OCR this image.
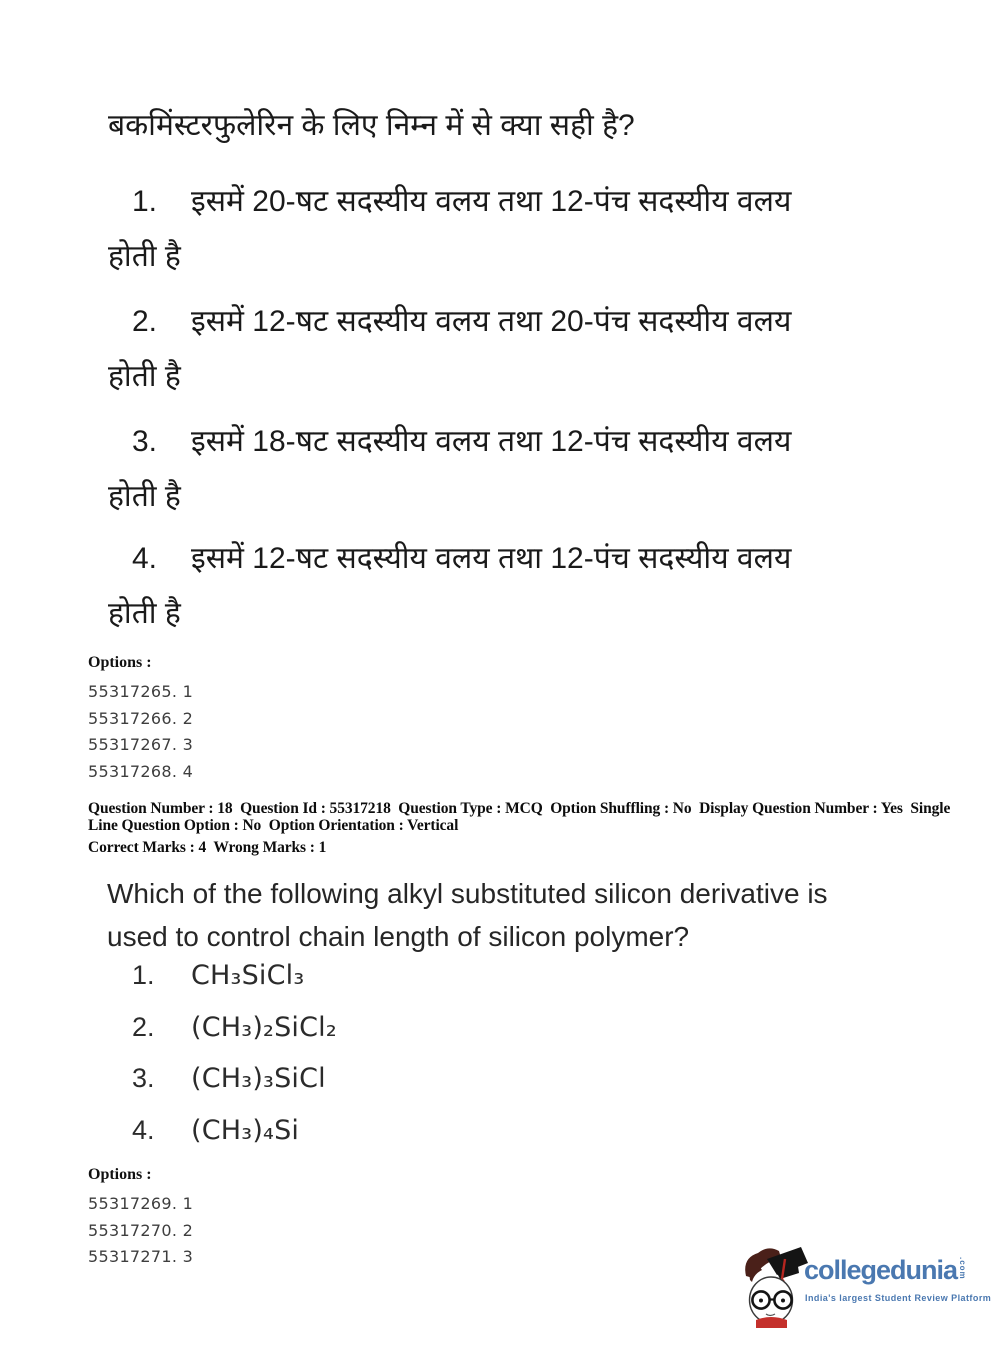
बकमिंस्टरफुलेरिन के लिए निम्न में से क्या सही है?
1.	इसमें 20-षट सदस्यीय वलय तथा 12-पंच सदस्यीय वलय
होती है
2.	इसमें 12-षट सदस्यीय वलय तथा 20-पंच सदस्यीय वलय
होती है
3.	इसमें 18-षट सदस्यीय वलय तथा 12-पंच सदस्यीय वलय
होती है
4.	इसमें 12-षट सदस्यीय वलय तथा 12-पंच सदस्यीय वलय
होती है
Options :
55317265. 1
55317266. 2
55317267. 3
55317268. 4
Question Number : 18  Question Id : 55317218  Question Type : MCQ  Option Shuffling : No  Display Question Number : Yes  Single
Line Question Option : No  Option Orientation : Vertical
Correct Marks : 4  Wrong Marks : 1
Which of the following alkyl substituted silicon derivative is
used to control chain length of silicon polymer?
1.	CH₃SiCl₃
2.	(CH₃)₂SiCl₂
3.	(CH₃)₃SiCl
4.	(CH₃)₄Si
Options :
55317269. 1
55317270. 2
55317271. 3	collegedunia.com
India's largest Student Review Platform
